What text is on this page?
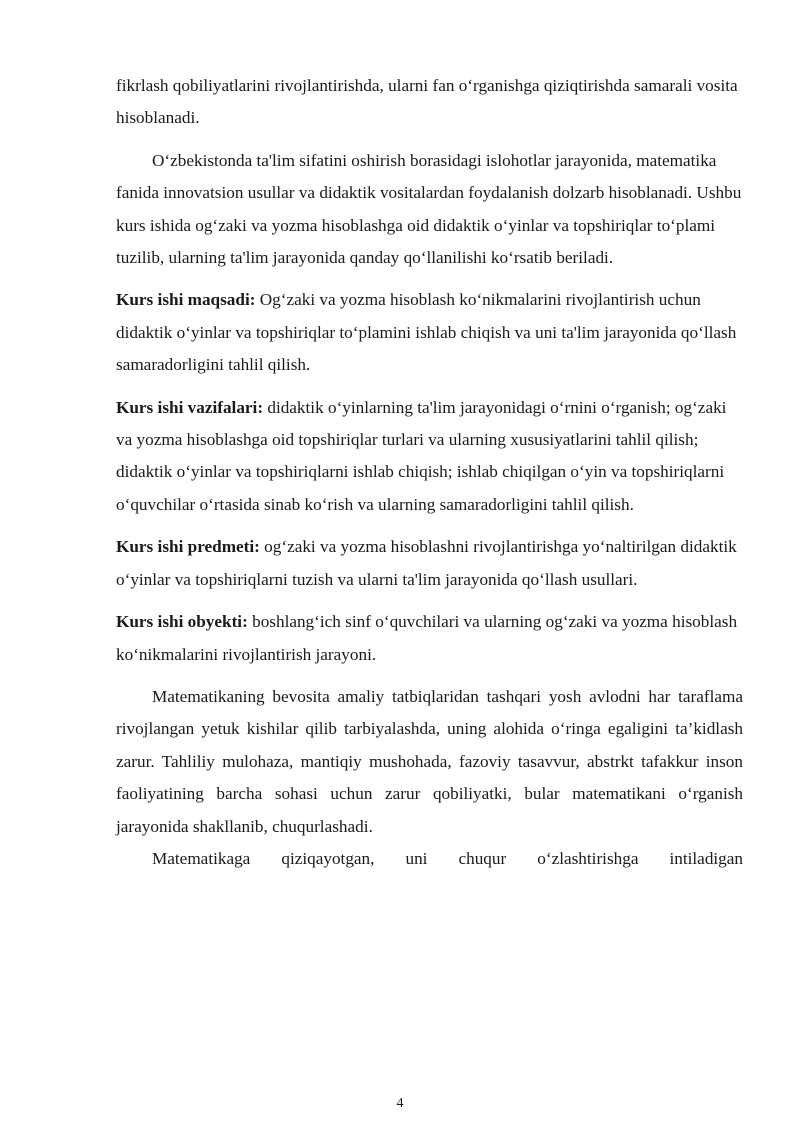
fikrlash qobiliyatlarini rivojlantirishda, ularni fan o‘rganishga qiziqtirishda samarali vosita hisoblanadi.

O‘zbekistonda ta'lim sifatini oshirish borasidagi islohotlar jarayonida, matematika fanida innovatsion usullar va didaktik vositalardan foydalanish dolzarb hisoblanadi. Ushbu kurs ishida og‘zaki va yozma hisoblashga oid didaktik o‘yinlar va topshiriqlar to‘plami tuzilib, ularning ta'lim jarayonida qanday qo‘llanilishi ko‘rsatib beriladi.

Kurs ishi maqsadi: Og‘zaki va yozma hisoblash ko‘nikmalarini rivojlantirish uchun didaktik o‘yinlar va topshiriqlar to‘plamini ishlab chiqish va uni ta'lim jarayonida qo‘llash samaradorligini tahlil qilish.

Kurs ishi vazifalari: didaktik o‘yinlarning ta'lim jarayonidagi o‘rnini o‘rganish; og‘zaki va yozma hisoblashga oid topshiriqlar turlari va ularning xususiyatlarini tahlil qilish; didaktik o‘yinlar va topshiriqlarni ishlab chiqish; ishlab chiqilgan o‘yin va topshiriqlarni o‘quvchilar o‘rtasida sinab ko‘rish va ularning samaradorligini tahlil qilish.

Kurs ishi predmeti: og‘zaki va yozma hisoblashni rivojlantirishga yo‘naltirilgan didaktik o‘yinlar va topshiriqlarni tuzish va ularni ta'lim jarayonida qo‘llash usullari.

Kurs ishi obyekti: boshlang‘ich sinf o‘quvchilari va ularning og‘zaki va yozma hisoblash ko‘nikmalarini rivojlantirish jarayoni.

Matematikaning bevosita amaliy tatbiqlaridan tashqari yosh avlodni har taraflama rivojlangan yetuk kishilar qilib tarbiyalashda, uning alohida o‘ringa egaligini ta’kidlash zarur. Tahliliy mulohaza, mantiqiy mushohada, fazoviy tasavvur, abstrkt tafakkur inson faoliyatining barcha sohasi uchun zarur qobiliyatki, bular matematikani o‘rganish jarayonida shakllanib, chuqurlashadi.

Matematikaga qiziqayotgan, uni chuqur o‘zlashtirishga intiladigan

4
